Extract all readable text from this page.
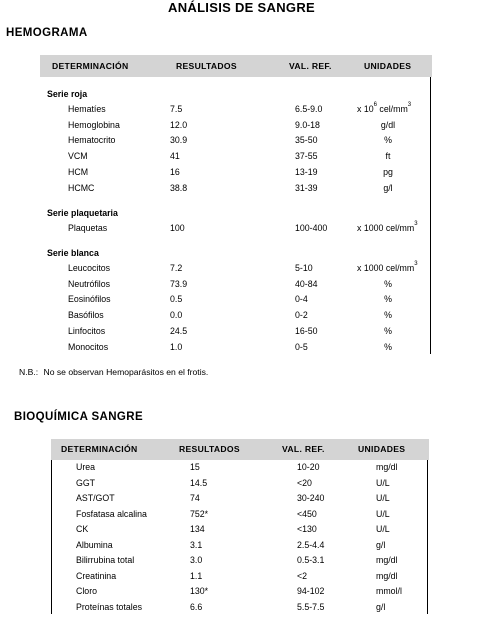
ANÁLISIS DE SANGRE
HEMOGRAMA
DETERMINACIÓN	RESULTADOS	VAL. REF.	UNIDADES
Serie roja
Hematíes	7.5	6.5-9.0	x $10^6$ cel/$mm^3$
Hemoglobina	12.0	9.0-18	g/dl
Hematocrito	30.9	35-50	%
VCM	41	37-55	ft
HCM	16	13-19	pg
HCMC	38.8	31-39	g/l
Serie plaquetaria
Plaquetas	100	100-400	x 1000 cel/$mm^3$
Serie blanca
Leucocitos	7.2	5-10	x 1000 cel/$mm^3$
Neutrófilos	73.9	40-84	%
Eosinófilos	0.5	0-4	%
Basófilos	0.0	0-2	%
Linfocitos	24.5	16-50	%
Monocitos	1.0	0-5	%
N.B.: No se observan Hemoparásitos en el frotis.
BIOQUÍMICA SANGRE
DETERMINACIÓN	RESULTADOS	VAL. REF.	UNIDADES
Urea	15	10-20	mg/dl
GGT	14.5	<20	U/L
AST/GOT	74	30-240	U/L
Fosfatasa alcalina	752*	<450	U/L
CK	134	<130	U/L
Albumina	3.1	2.5-4.4	g/l
Bilirrubina total	3.0	0.5-3.1	mg/dl
Creatinina	1.1	<2	mg/dl
Cloro	130*	94-102	mmol/l
Proteínas totales	6.6	5.5-7.5	g/l
